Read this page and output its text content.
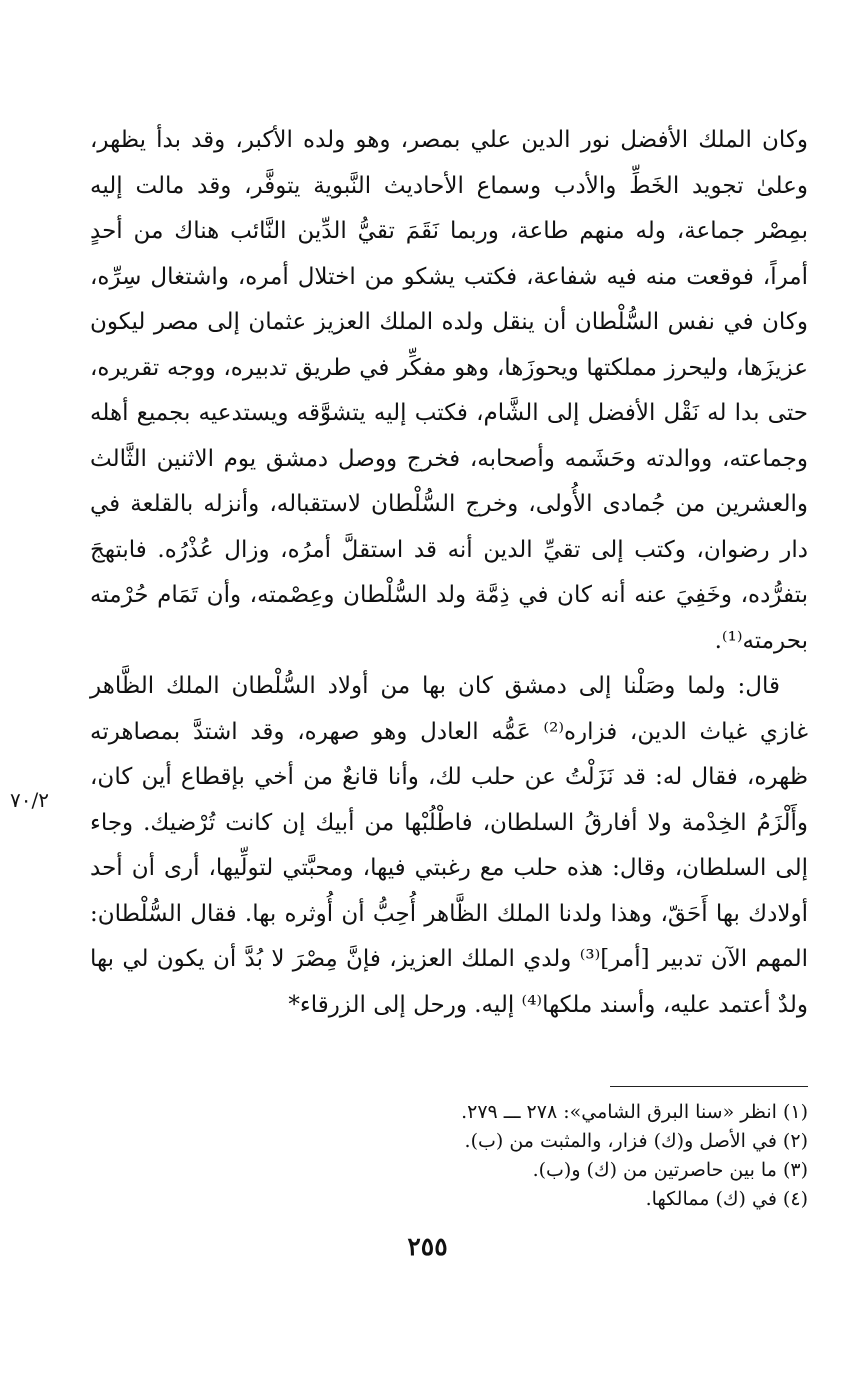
وكان الملك الأفضل نور الدين علي بمصر، وهو ولده الأكبر، وقد بدأ يظهر، وعلىٰ تجويد الخَطِّ والأدب وسماع الأحاديث النَّبوية يتوفَّر، وقد مالت إليه بمِصْر جماعة، وله منهم طاعة، وربما نَقَمَ تقيُّ الدِّين النَّائب هناك من أحدٍ أمراً، فوقعت منه فيه شفاعة، فكتب يشكو من اختلال أمره، واشتغال سِرِّه، وكان في نفس السُّلْطان أن ينقل ولده الملك العزيز عثمان إلى مصر ليكون عزيزَها، وليحرز مملكتها ويحوزَها، وهو مفكِّر في طريق تدبيره، ووجه تقريره، حتى بدا له نَقْل الأفضل إلى الشَّام، فكتب إليه يتشوَّقه ويستدعيه بجميع أهله وجماعته، ووالدته وحَشَمه وأصحابه، فخرج ووصل دمشق يوم الاثنين الثَّالث والعشرين من جُمادى الأُولى، وخرج السُّلْطان لاستقباله، وأنزله بالقلعة في دار رضوان، وكتب إلى تقيِّ الدين أنه قد استقلَّ أمرُه، وزال عُذْرُه. فابتهجَ بتفرُّده، وخَفِيَ عنه أنه كان في ذِمَّة ولد السُّلْطان وعِصْمته، وأن تَمَام حُرْمته بحرمته⁽¹⁾.

قال: ولما وصَلْنا إلى دمشق كان بها من أولاد السُّلْطان الملك الظَّاهر غازي غياث الدين، فزاره⁽²⁾ عَمُّه العادل وهو صهره، وقد اشتدَّ بمصاهرته ظهره، فقال له: قد نَزَلْتُ عن حلب لك، وأنا قانعٌ من أخي بإقطاع أين كان، وأَلْزَمُ الخِدْمة ولا أفارقُ السلطان، فاطْلُبْها من أبيك إن كانت تُرْضيك. وجاء إلى السلطان، وقال: هذه حلب مع رغبتي فيها، ومحبَّتي لتولِّيها، أرى أن أحد أولادك بها أَحَقّ، وهذا ولدنا الملك الظَّاهر أُحِبُّ أن أُوثره بها. فقال السُّلْطان: المهم الآن تدبير [أمر]⁽³⁾ ولدي الملك العزيز، فإنَّ مِصْرَ لا بُدَّ أن يكون لي بها ولدٌ أعتمد عليه، وأسند ملكها⁽⁴⁾ إليه. ورحل إلى الزرقاء*

٧٠/٢

(١) انظر «سنا البرق الشامي»: ٢٧٨ ـــ ٢٧٩.

(٢) في الأصل و(ك) فزار، والمثبت من (ب).

(٣) ما بين حاصرتين من (ك) و(ب).

(٤) في (ك) ممالكها.

٢٥٥
